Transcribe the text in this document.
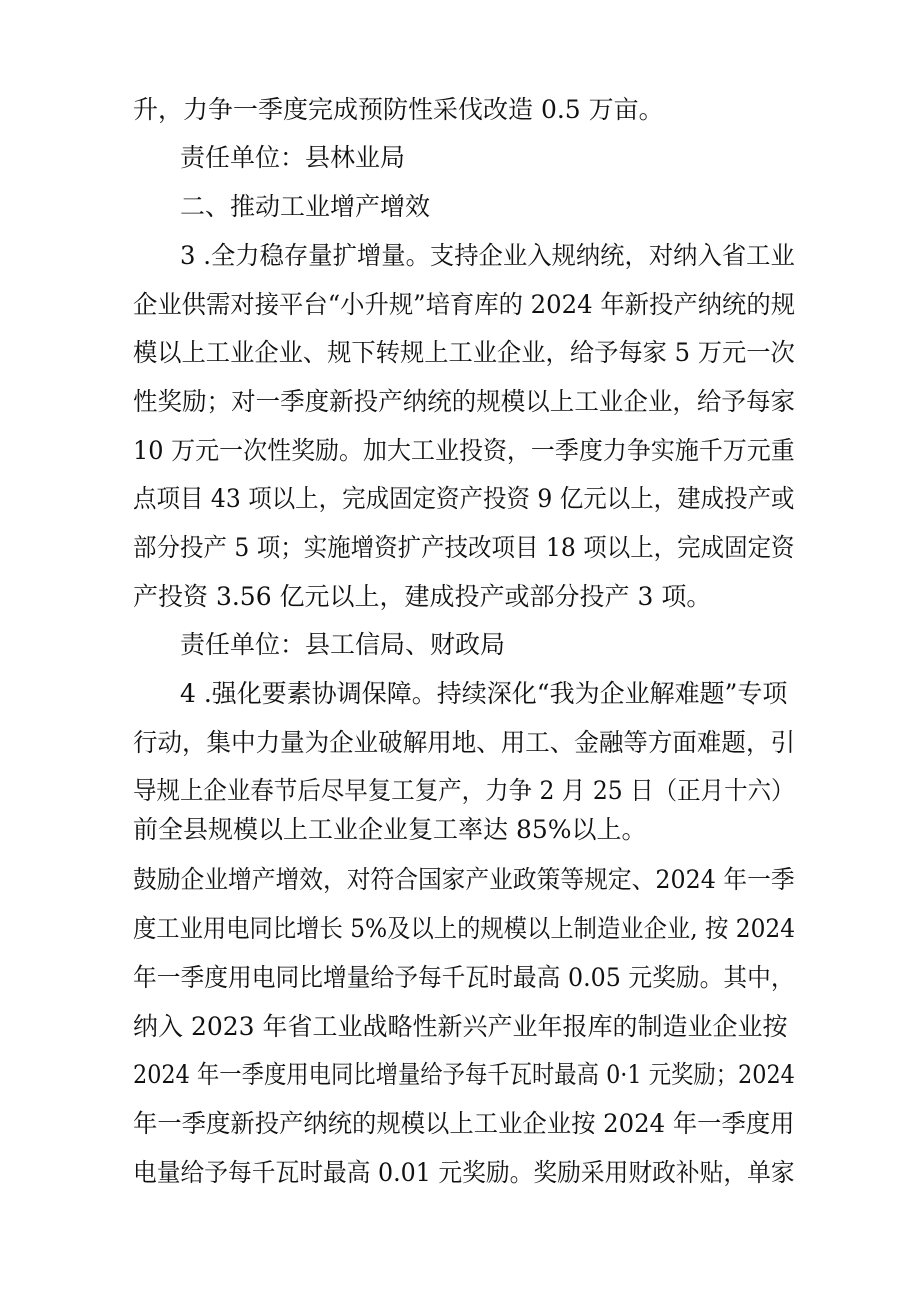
升，力争一季度完成预防性采伐改造 0.5 万亩。
责任单位：县林业局
二、推动工业增产增效
3 .全力稳存量扩增量。支持企业入规纳统，对纳入省工业
企业供需对接平台“小升规”培育库的 2024 年新投产纳统的规
模以上工业企业、规下转规上工业企业，给予每家 5 万元一次
性奖励；对一季度新投产纳统的规模以上工业企业，给予每家
10 万元一次性奖励。加大工业投资，一季度力争实施千万元重
点项目 43 项以上，完成固定资产投资 9 亿元以上，建成投产或
部分投产 5 项；实施增资扩产技改项目 18 项以上，完成固定资
产投资 3.56 亿元以上，建成投产或部分投产 3 项。
责任单位：县工信局、财政局
4 .强化要素协调保障。持续深化“我为企业解难题”专项
行动，集中力量为企业破解用地、用工、金融等方面难题，引
导规上企业春节后尽早复工复产，力争 2 月 25 日（正月十六）
前全县规模以上工业企业复工率达 85%以上。
鼓励企业增产增效，对符合国家产业政策等规定、2024 年一季
度工业用电同比增长 5%及以上的规模以上制造业企业, 按 2024
年一季度用电同比增量给予每千瓦时最高 0.05 元奖励。其中，
纳入 2023 年省工业战略性新兴产业年报库的制造业企业按
2024 年一季度用电同比增量给予每千瓦时最高 0·1 元奖励；2024
年一季度新投产纳统的规模以上工业企业按 2024 年一季度用
电量给予每千瓦时最高 0.01 元奖励。奖励采用财政补贴，单家
